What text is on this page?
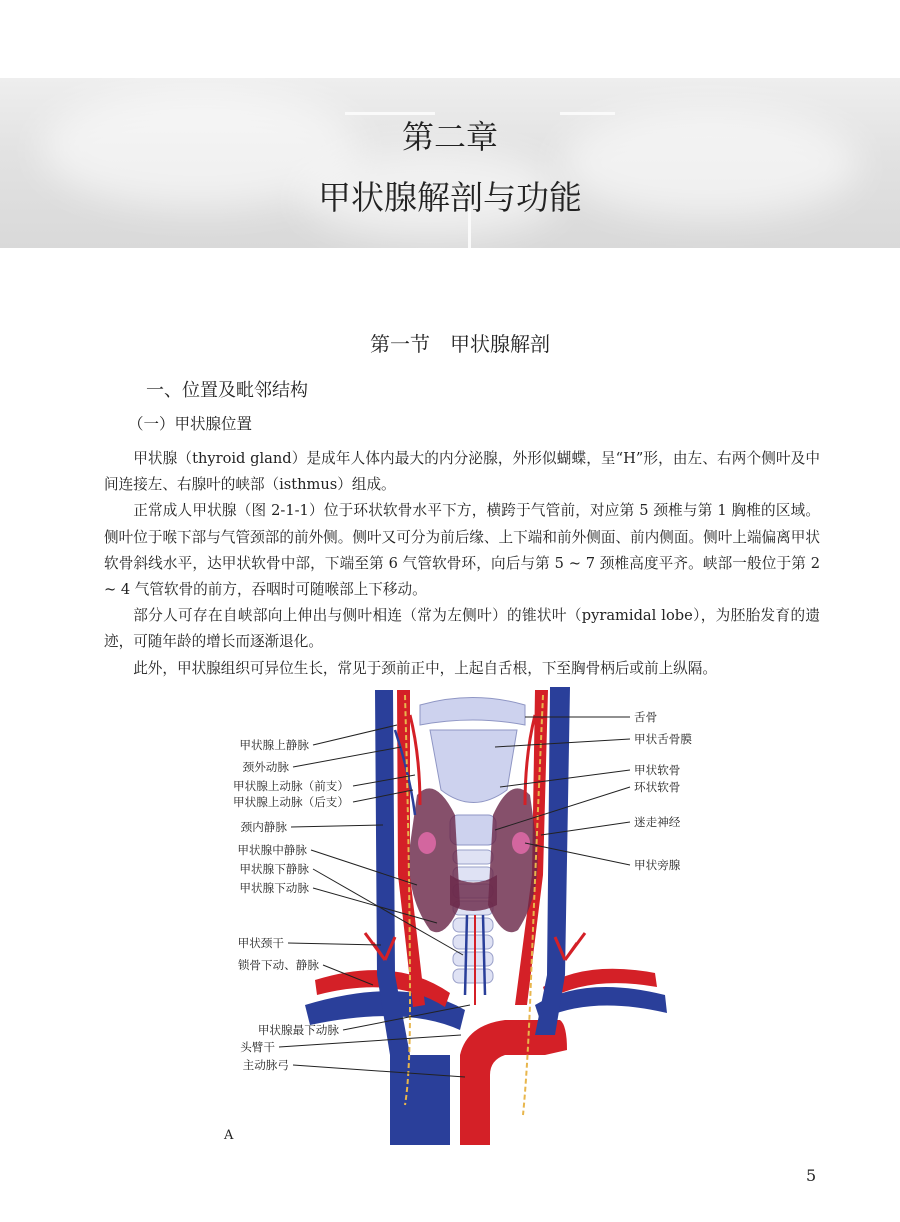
第二章
甲状腺解剖与功能
第一节　甲状腺解剖
一、位置及毗邻结构
（一）甲状腺位置

甲状腺（thyroid gland）是成年人体内最大的内分泌腺，外形似蝴蝶，呈“H”形，由左、右两个侧叶及中间连接左、右腺叶的峡部（isthmus）组成。

正常成人甲状腺（图 2-1-1）位于环状软骨水平下方，横跨于气管前，对应第 5 颈椎与第 1 胸椎的区域。侧叶位于喉下部与气管颈部的前外侧。侧叶又可分为前后缘、上下端和前外侧面、前内侧面。侧叶上端偏离甲状软骨斜线水平，达甲状软骨中部，下端至第 6 气管软骨环，向后与第 5 ~ 7 颈椎高度平齐。峡部一般位于第 2 ~ 4 气管软骨的前方，吞咽时可随喉部上下移动。

部分人可存在自峡部向上伸出与侧叶相连（常为左侧叶）的锥状叶（pyramidal lobe），为胚胎发育的遗迹，可随年龄的增长而逐渐退化。

此外，甲状腺组织可异位生长，常见于颈前正中，上起自舌根，下至胸骨柄后或前上纵隔。

甲状腺上静脉
颈外动脉
甲状腺上动脉（前支）
甲状腺上动脉（后支）
颈内静脉
甲状腺中静脉
甲状腺下静脉
甲状腺下动脉
甲状颈干
锁骨下动、静脉
甲状腺最下动脉
头臂干
主动脉弓
舌骨
甲状舌骨膜
甲状软骨
环状软骨
迷走神经
甲状旁腺
A
5
